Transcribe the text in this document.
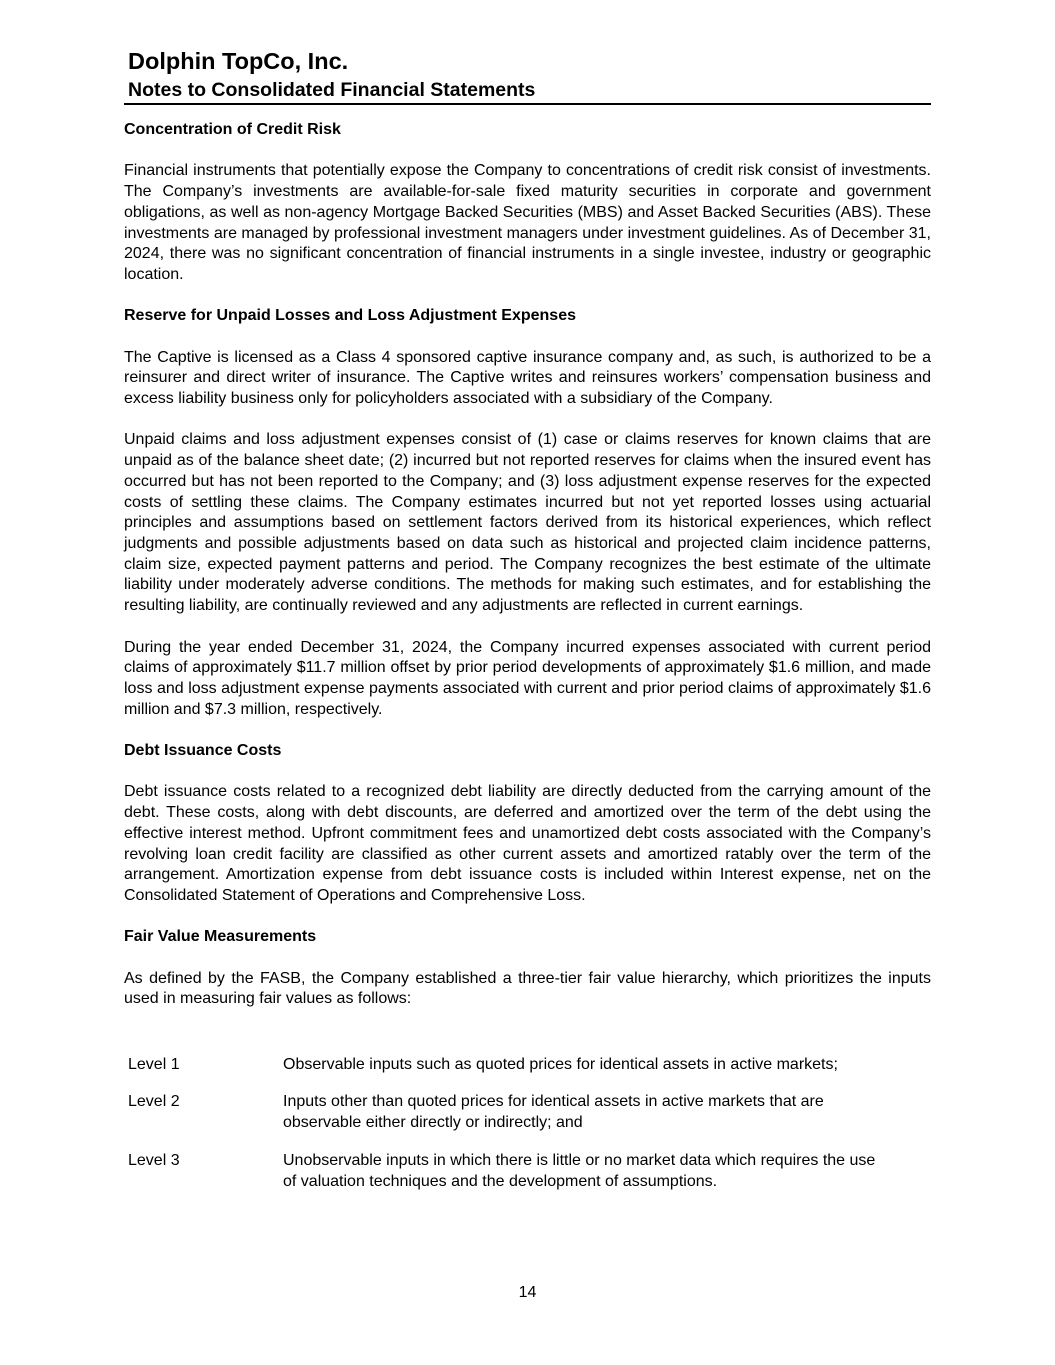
Dolphin TopCo, Inc.

Notes to Consolidated Financial Statements

Concentration of Credit Risk

Financial instruments that potentially expose the Company to concentrations of credit risk consist of investments. The Company’s investments are available-for-sale fixed maturity securities in corporate and government obligations, as well as non-agency Mortgage Backed Securities (MBS) and Asset Backed Securities (ABS). These investments are managed by professional investment managers under investment guidelines. As of December 31, 2024, there was no significant concentration of financial instruments in a single investee, industry or geographic location.

Reserve for Unpaid Losses and Loss Adjustment Expenses

The Captive is licensed as a Class 4 sponsored captive insurance company and, as such, is authorized to be a reinsurer and direct writer of insurance. The Captive writes and reinsures workers’ compensation business and excess liability business only for policyholders associated with a subsidiary of the Company.

Unpaid claims and loss adjustment expenses consist of (1) case or claims reserves for known claims that are unpaid as of the balance sheet date; (2) incurred but not reported reserves for claims when the insured event has occurred but has not been reported to the Company; and (3) loss adjustment expense reserves for the expected costs of settling these claims. The Company estimates incurred but not yet reported losses using actuarial principles and assumptions based on settlement factors derived from its historical experiences, which reflect judgments and possible adjustments based on data such as historical and projected claim incidence patterns, claim size, expected payment patterns and period. The Company recognizes the best estimate of the ultimate liability under moderately adverse conditions. The methods for making such estimates, and for establishing the resulting liability, are continually reviewed and any adjustments are reflected in current earnings.

During the year ended December 31, 2024, the Company incurred expenses associated with current period claims of approximately $11.7 million offset by prior period developments of approximately $1.6 million, and made loss and loss adjustment expense payments associated with current and prior period claims of approximately $1.6 million and $7.3 million, respectively.

Debt Issuance Costs

Debt issuance costs related to a recognized debt liability are directly deducted from the carrying amount of the debt. These costs, along with debt discounts, are deferred and amortized over the term of the debt using the effective interest method. Upfront commitment fees and unamortized debt costs associated with the Company’s revolving loan credit facility are classified as other current assets and amortized ratably over the term of the arrangement. Amortization expense from debt issuance costs is included within Interest expense, net on the Consolidated Statement of Operations and Comprehensive Loss.

Fair Value Measurements

As defined by the FASB, the Company established a three-tier fair value hierarchy, which prioritizes the inputs used in measuring fair values as follows:

Level 1	Observable inputs such as quoted prices for identical assets in active markets;
Level 2	Inputs other than quoted prices for identical assets in active markets that are
observable either directly or indirectly; and
Level 3	Unobservable inputs in which there is little or no market data which requires the use
of valuation techniques and the development of assumptions.
14
